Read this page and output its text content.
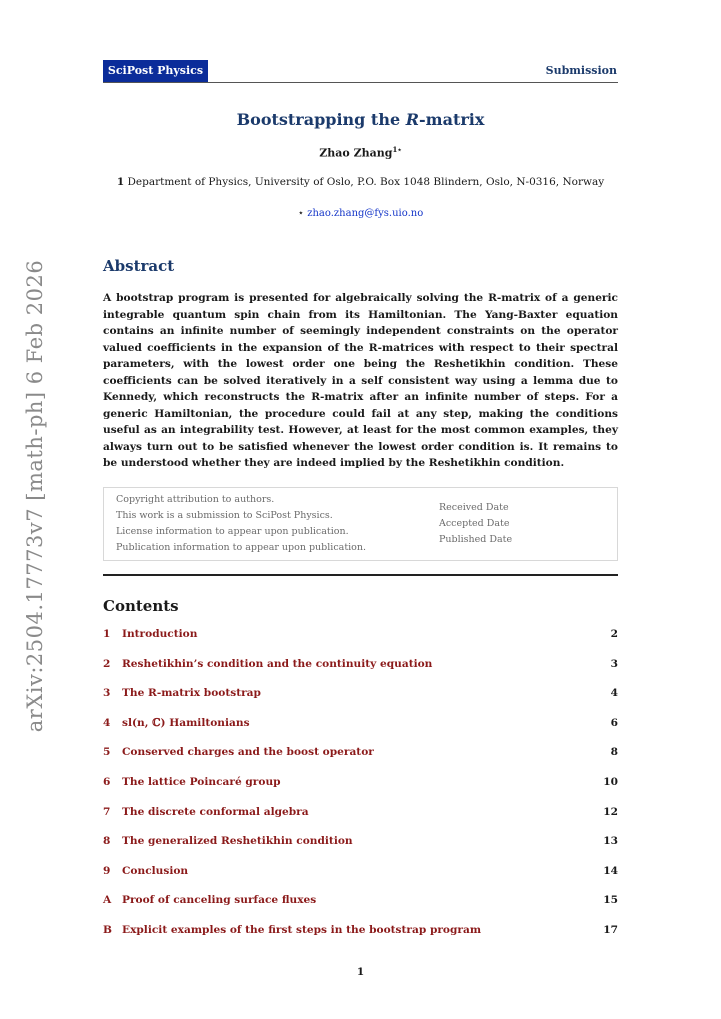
arXiv:2504.17773v7 [math-ph] 6 Feb 2026
SciPost Physics	Submission
Bootstrapping the R-matrix
Zhao Zhang$^{1⋆}$
1 Department of Physics, University of Oslo, P.O. Box 1048 Blindern, Oslo, N-0316, Norway
⋆ zhao.zhang@fys.uio.no
Abstract
A bootstrap program is presented for algebraically solving the R-matrix of a generic integrable quantum spin chain from its Hamiltonian. The Yang-Baxter equation contains an infinite number of seemingly independent constraints on the operator valued coefficients in the expansion of the R-matrices with respect to their spectral parameters, with the lowest order one being the Reshetikhin condition. These coefficients can be solved iteratively in a self consistent way using a lemma due to Kennedy, which reconstructs the R-matrix after an infinite number of steps. For a generic Hamiltonian, the procedure could fail at any step, making the conditions useful as an integrability test. However, at least for the most common examples, they always turn out to be satisfied whenever the lowest order condition is. It remains to be understood whether they are indeed implied by the Reshetikhin condition.
Copyright attribution to authors.
This work is a submission to SciPost Physics.
License information to appear upon publication.
Publication information to appear upon publication.
Received Date
Accepted Date
Published Date
Contents
1 Introduction	2
2 Reshetikhin’s condition and the continuity equation	3
3 The R-matrix bootstrap	4
4 sl(n, ℂ) Hamiltonians	6
5 Conserved charges and the boost operator	8
6 The lattice Poincaré group	10
7 The discrete conformal algebra	12
8 The generalized Reshetikhin condition	13
9 Conclusion	14
A Proof of canceling surface fluxes	15
B Explicit examples of the first steps in the bootstrap program	17
1
